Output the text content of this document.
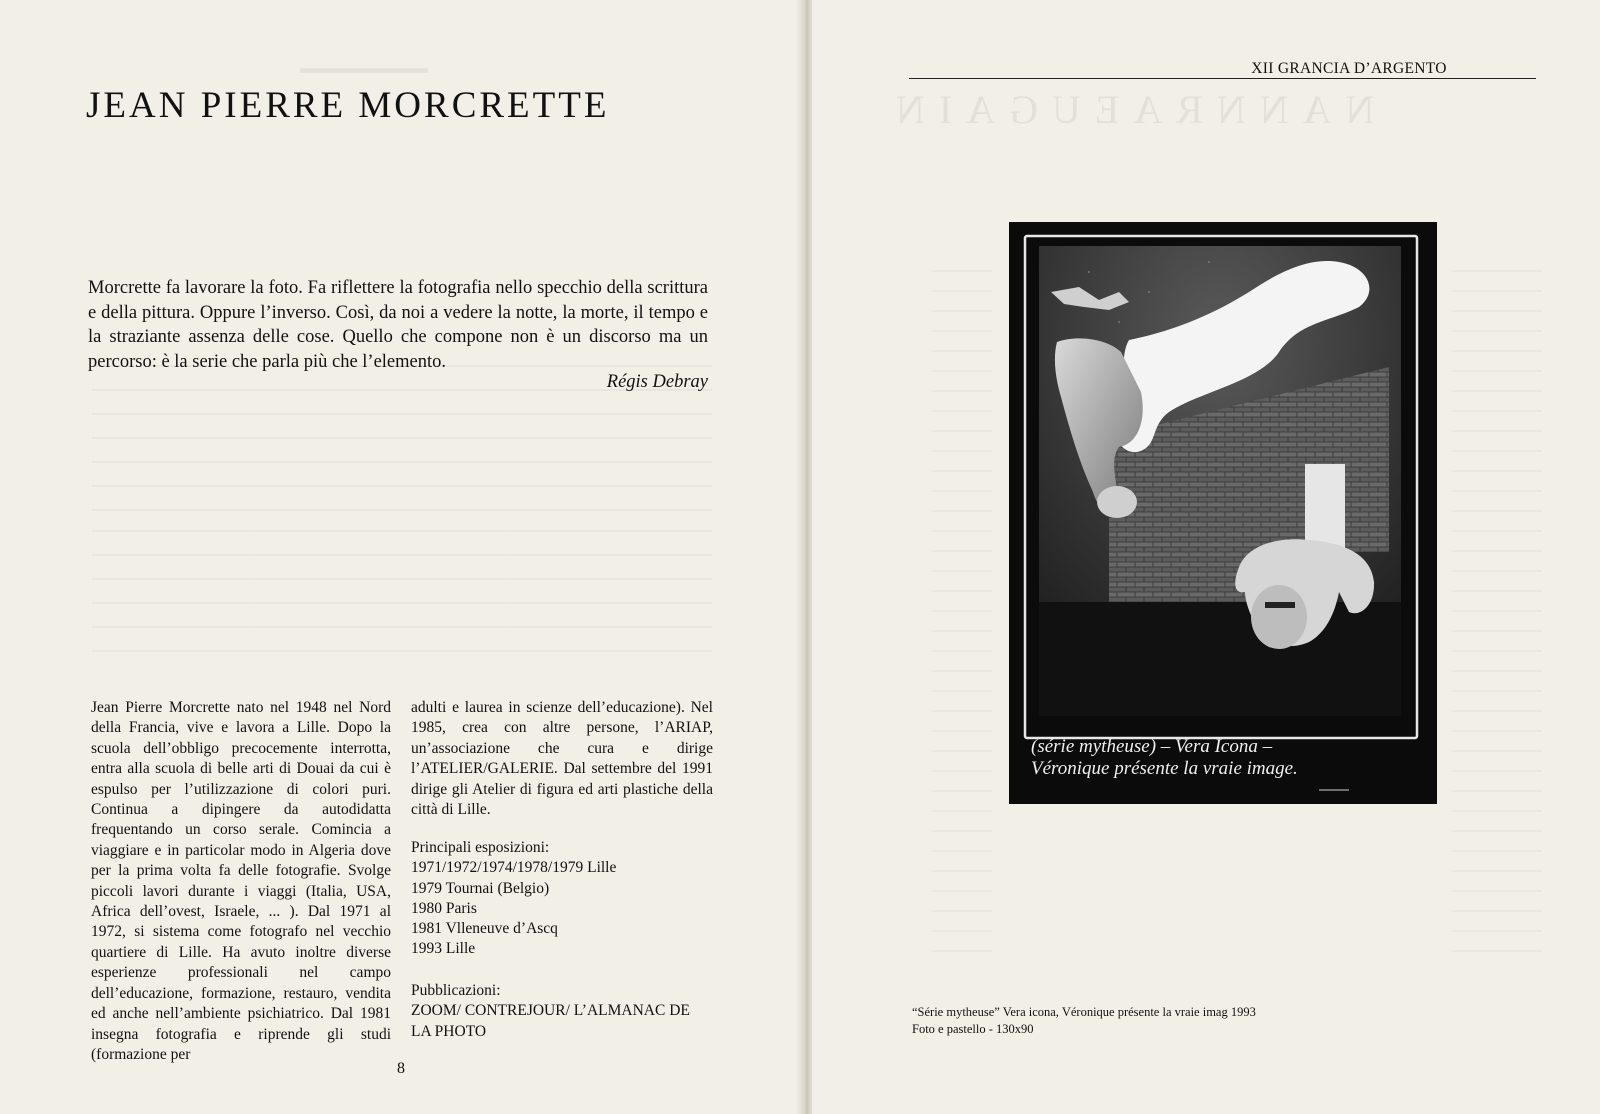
▬▬▬▬▬▬▬▬
JEAN PIERRE MORCRETTE

Morcrette fa lavorare la foto. Fa riflettere la fotografia nello specchio della scrittura e della pittura. Oppure l’inverso. Così, da noi a vedere la notte, la morte, il tempo e la straziante assenza delle cose. Quello che compone non è un discorso ma un percorso: è la serie che parla più che l’elemento.

Régis Debray

Jean Pierre Morcrette nato nel 1948 nel Nord della Francia, vive e lavora a Lille. Dopo la scuola dell’obbligo precocemente interrotta, entra alla scuola di belle arti di Douai da cui è espulso per l’utilizzazione di colori puri. Continua a dipingere da autodidatta frequentando un corso serale. Comincia a viaggiare e in particolar modo in Algeria dove per la prima volta fa delle fotografie. Svolge piccoli lavori durante i viaggi (Italia, USA, Africa dell’ovest, Israele, ... ). Dal 1971 al 1972, si sistema come fotografo nel vecchio quartiere di Lille. Ha avuto inoltre diverse esperienze professionali nel campo dell’educazione, formazione, restauro, vendita ed anche nell’ambiente psichiatrico. Dal 1981 insegna fotografia e riprende gli studi (formazione per

adulti e laurea in scienze dell’educazione). Nel 1985, crea con altre persone, l’ARIAP, un’associazione che cura e dirige l’ATELIER/GALERIE. Dal settembre del 1991 dirige gli Atelier di figura ed arti plastiche della città di Lille.

Principali esposizioni:
1971/1972/1974/1978/1979 Lille
1979 Tournai (Belgio)
1980 Paris
1981 Vlleneuve d’Ascq
1993 Lille
Pubblicazioni:
ZOOM/ CONTREJOUR/ L’ALMANAC DE
LA PHOTO
8
NANNRAEUGAIN
XII GRANCIA D’ARGENTO
(série mytheuse) – Vera Icona –
Véronique présente la vraie image.
“Série mytheuse” Vera icona, Véronique présente la vraie imag 1993
Foto e pastello - 130x90
